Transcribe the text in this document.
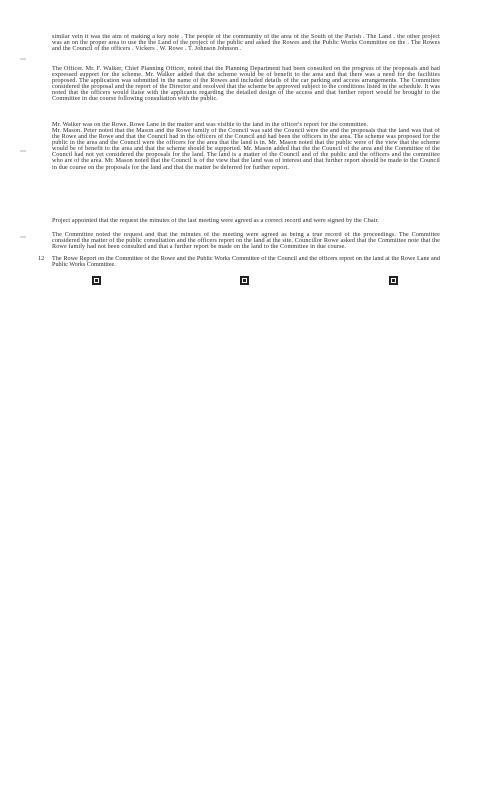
similar vein it was the aim of making a key note . The people of the community of the area of the South of the Parish . The Land . the other project was an on the proper area to use the the Land of the project of the public and asked the Rowes and the Public Works Committee on the . The Rowes and the Council of the officers . Vickers . W. Rowe . T. Johnson Johnson .
The Officer. Mr. F. Walker, Chief Planning Officer, noted that the Planning Department had been consulted on the progress of the proposals and had expressed support for the scheme. Mr. Walker added that the scheme would be of benefit to the area and that there was a need for the facilities proposed. The application was submitted in the name of the Rowes and included details of the car parking and access arrangements. The Committee considered the proposal and the report of the Director and resolved that the scheme be approved subject to the conditions listed in the schedule. It was noted that the officers would liaise with the applicants regarding the detailed design of the access and that further report would be brought to the Committee in due course following consultation with the public.
Mr. Walker was on the Rowe. Rowe Lane in the matter and was visible to the land in the officer's report for the committee.
Mr. Mason. Peter noted that the Mason and the Rowe family of the Council was said the Council were the and the proposals that the land was that of the Rowe and the Rowe and that the Council had in the officers of the Council and had been the officers in the area. The scheme was proposed for the public in the area and the Council were the officers for the area that the land is in. Mr. Mason noted that the public were of the view that the scheme would be of benefit to the area and that the scheme should be supported. Mr. Mason added that the the Council of the area and the Committee of the Council had not yet considered the proposals for the land. The land is a matter of the Council and of the public and the officers and the committee who are of the area. Mr. Mason noted that the Council is of the view that the land was of interest and that further report should be made to the Council in due course on the proposals for the land and that the matter be deferred for further report.
Project appointed that the request the minutes of the last meeting were agreed as a correct record and were signed by the Chair.
The Committee noted the request and that the minutes of the meeting were agreed as being a true record of the proceedings. The Committee considered the matter of the public consultation and the officers report on the land at the site. Councillor Rowe asked that the Committee note that the Rowe family had not been consulted and that a further report be made on the land to the Committee in due course.
12	The Rowe Report on the Committee of the Rowe and the Public Works Committee of the Council and the officers report on the land at the Rowe Lane and Public Works Committee.
